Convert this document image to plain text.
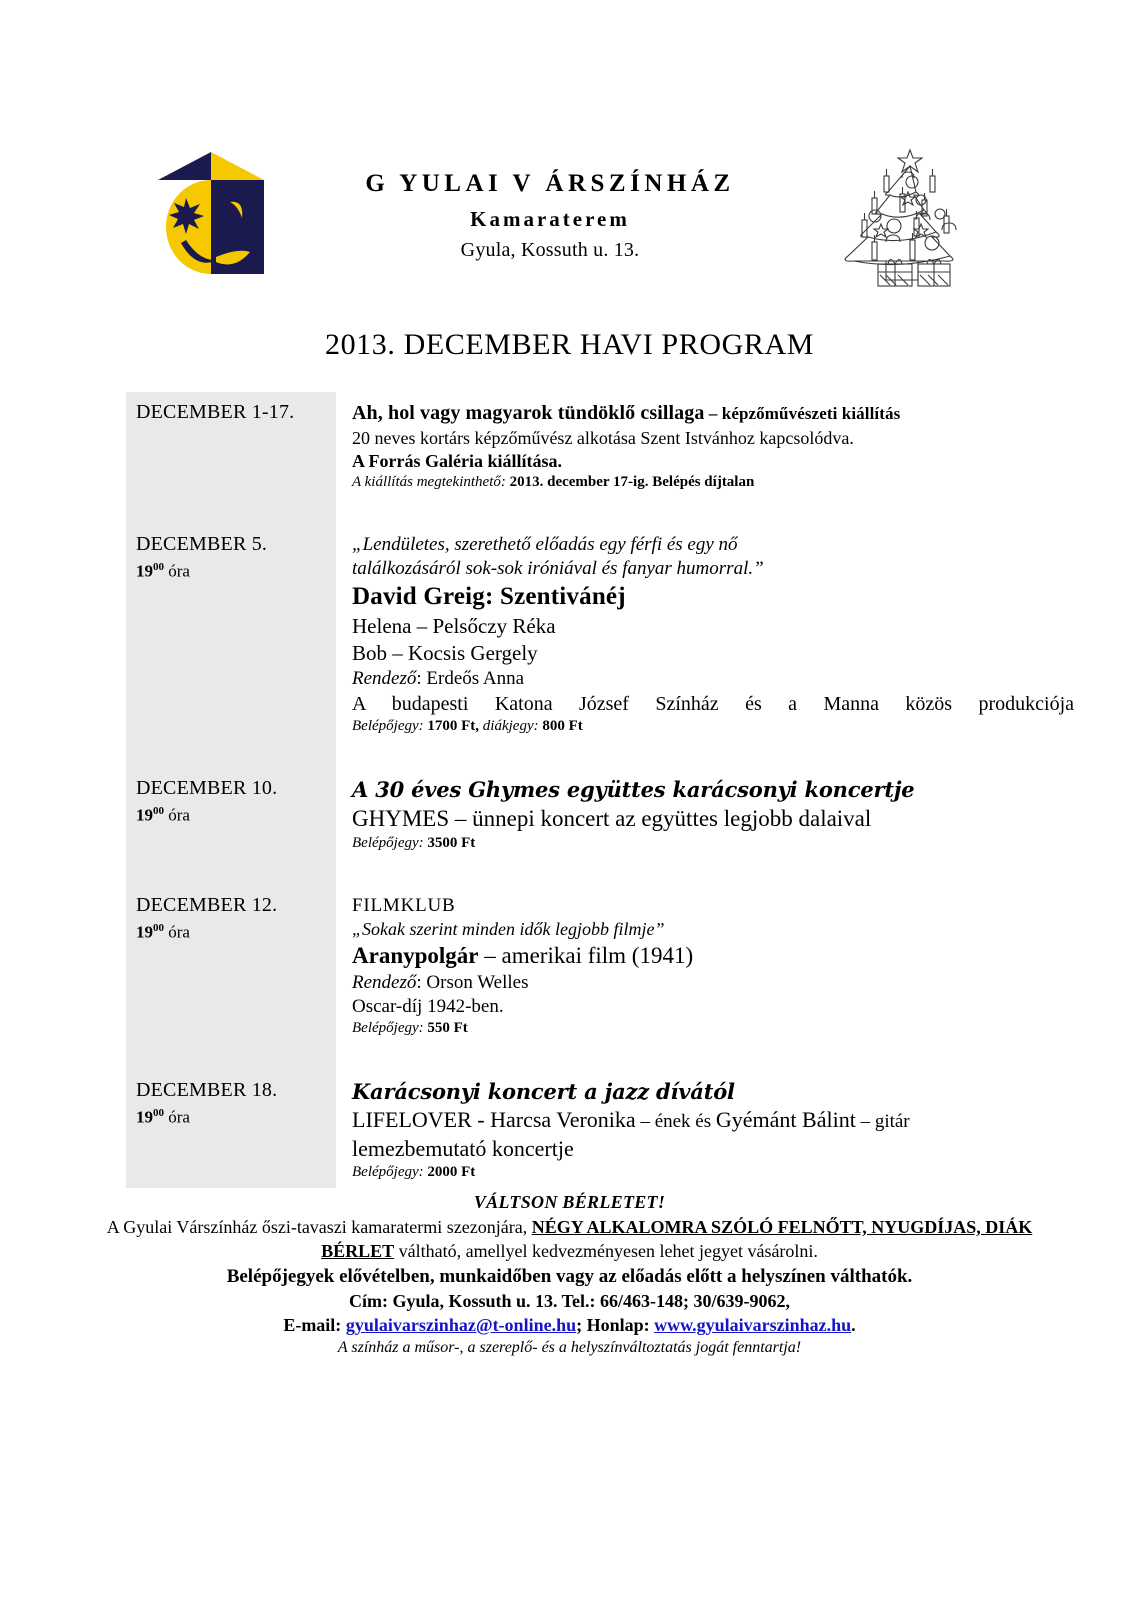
G YULAI V ÁRSZÍNHÁZ
Kamaraterem
Gyula, Kossuth u. 13.
2013. DECEMBER HAVI PROGRAM
DECEMBER 1-17.	Ah, hol vagy magyarok tündöklő csillaga – képzőművészeti kiállítás
20 neves kortárs képzőművész alkotása Szent Istvánhoz kapcsolódva.
A Forrás Galéria kiállítása.
A kiállítás megtekinthető: 2013. december 17-ig. Belépés díjtalan
DECEMBER 5.
$19^{00}$ óra
„Lendületes, szerethető előadás egy férfi és egy nő
találkozásáról sok-sok iróniával és fanyar humorral.”
David Greig: Szentivánéj
Helena – Pelsőczy Réka
Bob – Kocsis Gergely
Rendező: Erdeős Anna
A budapesti Katona József Színház és a Manna közös produkciója
Belépőjegy: 1700 Ft, diákjegy: 800 Ft
DECEMBER 10.
$19^{00}$ óra
A 30 éves Ghymes együttes karácsonyi koncertje
GHYMES – ünnepi koncert az együttes legjobb dalaival
Belépőjegy: 3500 Ft
DECEMBER 12.
$19^{00}$ óra
FILMKLUB
„Sokak szerint minden idők legjobb filmje”
Aranypolgár – amerikai film (1941)
Rendező: Orson Welles
Oscar-díj 1942-ben.
Belépőjegy: 550 Ft
DECEMBER 18.
$19^{00}$ óra
Karácsonyi koncert a jazz dívától
LIFELOVER - Harcsa Veronika – ének és Gyémánt Bálint – gitár
lemezbemutató koncertje
Belépőjegy: 2000 Ft
VÁLTSON BÉRLETET!
A Gyulai Várszínház őszi-tavaszi kamaratermi szezonjára, NÉGY ALKALOMRA SZÓLÓ FELNŐTT, NYUGDÍJAS, DIÁK BÉRLET váltható, amellyel kedvezményesen lehet jegyet vásárolni.
Belépőjegyek elővételben, munkaidőben vagy az előadás előtt a helyszínen válthatók.
Cím: Gyula, Kossuth u. 13. Tel.: 66/463-148; 30/639-9062,
E-mail: gyulaivarszinhaz@t-online.hu; Honlap: www.gyulaivarszinhaz.hu.
A színház a műsor-, a szereplő- és a helyszínváltoztatás jogát fenntartja!
